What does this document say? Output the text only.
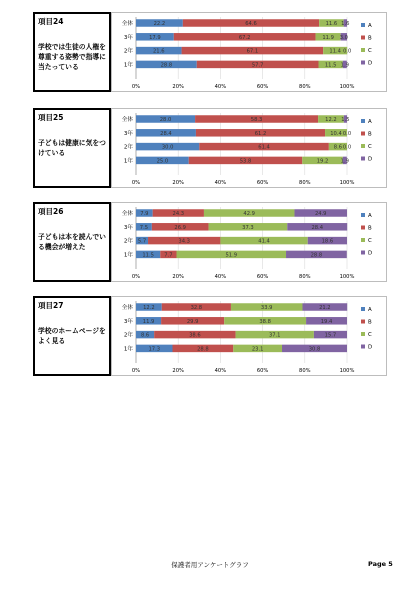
項目24
学校では生徒の人権を尊重する姿勢で指導に当たっている
0%	20%	40%	60%	80%	100%
全体	22.2	64.6	11.6 1.6
3年	17.9	67.2	11.9 3.0
2年	21.6	67.1	11.4 0.0
1年	28.8	57.7	11.5 1.9
A
B
C
D
項目25
子どもは健康に気をつけている
0%	20%	40%	60%	80%	100%
全体	28.0	58.3	12.2 1.5
3年	28.4	61.2	10.4 0.0
2年	30.0	61.4	8.6 0.0
1年	25.0	53.8	19.2 1.9
A
B
C
D
項目26
子どもは本を読んでいる機会が増えた
0%	20%	40%	60%	80%	100%
全体 7.9	24.3	42.9	24.9
3年 7.5	26.9	37.3	28.4
2年 5.7	34.3	41.4	18.6
1年 11.5 7.7	51.9	28.8
A
B
C
D
項目27
学校のホームページをよく見る
0%	20%	40%	60%	80%	100%
全体 12.2	32.8	33.9	21.2
3年 11.9	29.9	38.8	19.4
2年 8.6	38.6	37.1	15.7
1年	17.3	28.8	23.1	30.8
A
B
C
D
保護者用アンケートグラフ	Page 5
